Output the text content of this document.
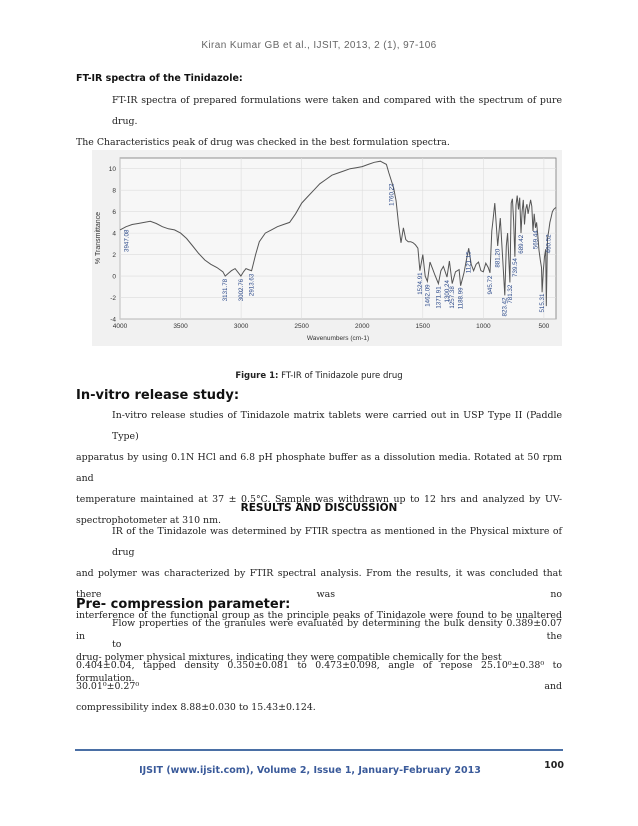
Kiran Kumar GB et al., IJSIT, 2013, 2 (1), 97-106
FT-IR spectra of the Tinidazole:
FT-IR spectra of prepared formulations were taken and compared with the spectrum of pure drug.
The Characteristics peak of drug was checked in the best formulation spectra.
10
8
6
4
2
0
-2
-4
4000	3500	3000	2500	2000	1500	1000	500
3947.08
3131.78 3002.76 2913.63
1760.22
1524.91
1462.09 1371.91 1300.24
1257.38 1188.99
1121.15
945.72
881.20
823.42
781.32
739.54
689.42 569.44
515.31
460.52
% Transmittance
Wavenumbers (cm-1)
Figure 1: FT-IR of Tinidazole pure drug
In-vitro release study:
In-vitro release studies of Tinidazole matrix tablets were carried out in USP Type II (Paddle Type)
apparatus by using 0.1N HCl and 6.8 pH phosphate buffer as a dissolution media. Rotated at 50 rpm and
temperature maintained at 37 ± 0.5°C. Sample was withdrawn up to 12 hrs and analyzed by UV-
spectrophotometer at 310 nm.
RESULTS AND DISCUSSION
IR of the Tinidazole was determined by FTIR spectra as mentioned in the Physical mixture of drug
and polymer was characterized by FTIR spectral analysis. From the results, it was concluded that there was no
interference of the functional group as the principle peaks of Tinidazole were found to be unaltered in the
drug- polymer physical mixtures, indicating they were compatible chemically for the best formulation.
Pre- compression parameter:
Flow properties of the granules were evaluated by determining the bulk density 0.389±0.07 to
0.404±0.04, tapped density 0.350±0.081 to 0.473±0.098, angle of repose 25.10⁰±0.38⁰ to 30.01⁰±0.27⁰ and
compressibility index 8.88±0.030 to 15.43±0.124.
100
IJSIT (www.ijsit.com), Volume 2, Issue 1, January-February 2013
